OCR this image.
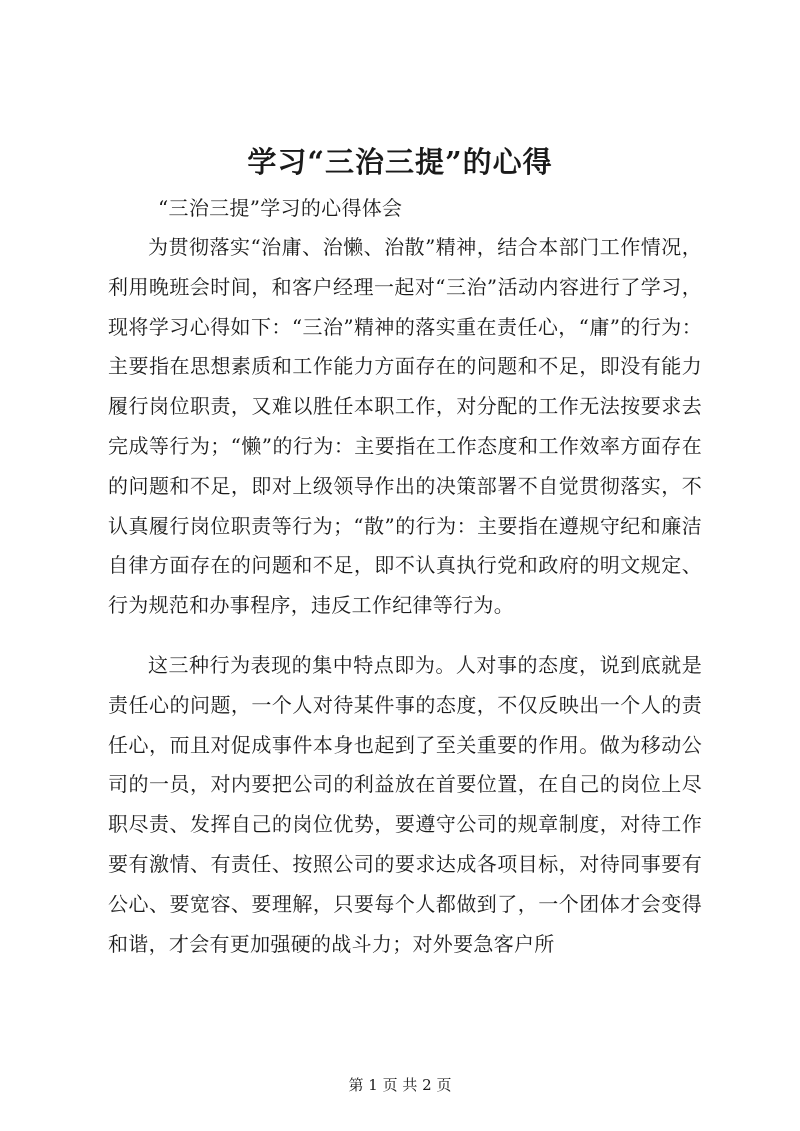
学习“三治三提”的心得
“三治三提”学习的心得体会
为贯彻落实“治庸、治懒、治散”精神，结合本部门工作情况，利用晚班会时间，和客户经理一起对“三治”活动内容进行了学习，现将学习心得如下：“三治”精神的落实重在责任心，“庸”的行为：主要指在思想素质和工作能力方面存在的问题和不足，即没有能力履行岗位职责，又难以胜任本职工作，对分配的工作无法按要求去完成等行为；“懒”的行为：主要指在工作态度和工作效率方面存在的问题和不足，即对上级领导作出的决策部署不自觉贯彻落实，不认真履行岗位职责等行为；“散”的行为：主要指在遵规守纪和廉洁自律方面存在的问题和不足，即不认真执行党和政府的明文规定、行为规范和办事程序，违反工作纪律等行为。
这三种行为表现的集中特点即为。人对事的态度，说到底就是责任心的问题，一个人对待某件事的态度，不仅反映出一个人的责任心，而且对促成事件本身也起到了至关重要的作用。做为移动公司的一员，对内要把公司的利益放在首要位置，在自己的岗位上尽职尽责、发挥自己的岗位优势，要遵守公司的规章制度，对待工作要有激情、有责任、按照公司的要求达成各项目标，对待同事要有公心、要宽容、要理解，只要每个人都做到了，一个团体才会变得和谐，才会有更加强硬的战斗力；对外要急客户所
第 1 页 共 2 页
